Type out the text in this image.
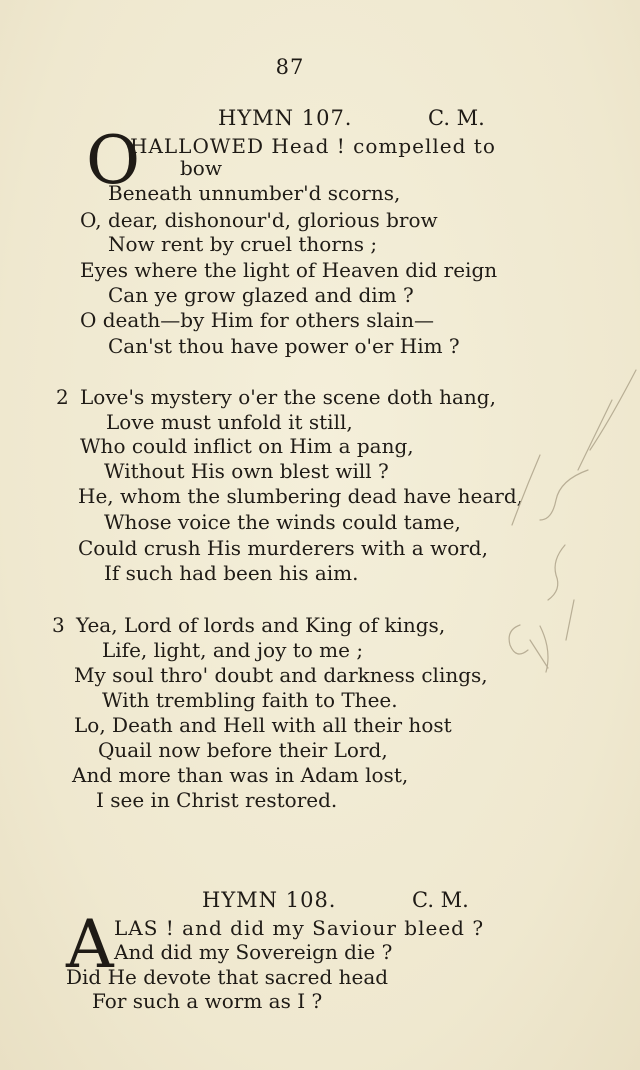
87
HYMN 107.	C. M.
O
HALLOWED Head ! compelled to
bow
Beneath unnumber'd scorns,
O, dear, dishonour'd, glorious brow
Now rent by cruel thorns ;
Eyes where the light of Heaven did reign
Can ye grow glazed and dim ?
O death—by Him for others slain—
Can'st thou have power o'er Him ?
2 Love's mystery o'er the scene doth hang,
Love must unfold it still,
Who could inflict on Him a pang,
Without His own blest will ?
He, whom the slumbering dead have heard,
Whose voice the winds could tame,
Could crush His murderers with a word,
If such had been his aim.
3 Yea, Lord of lords and King of kings,
Life, light, and joy to me ;
My soul thro' doubt and darkness clings,
With trembling faith to Thee.
Lo, Death and Hell with all their host
Quail now before their Lord,
And more than was in Adam lost,
I see in Christ restored.
HYMN 108.	C. M.
A LAS ! and did my Saviour bleed ?
And did my Sovereign die ?
Did He devote that sacred head
For such a worm as I ?
